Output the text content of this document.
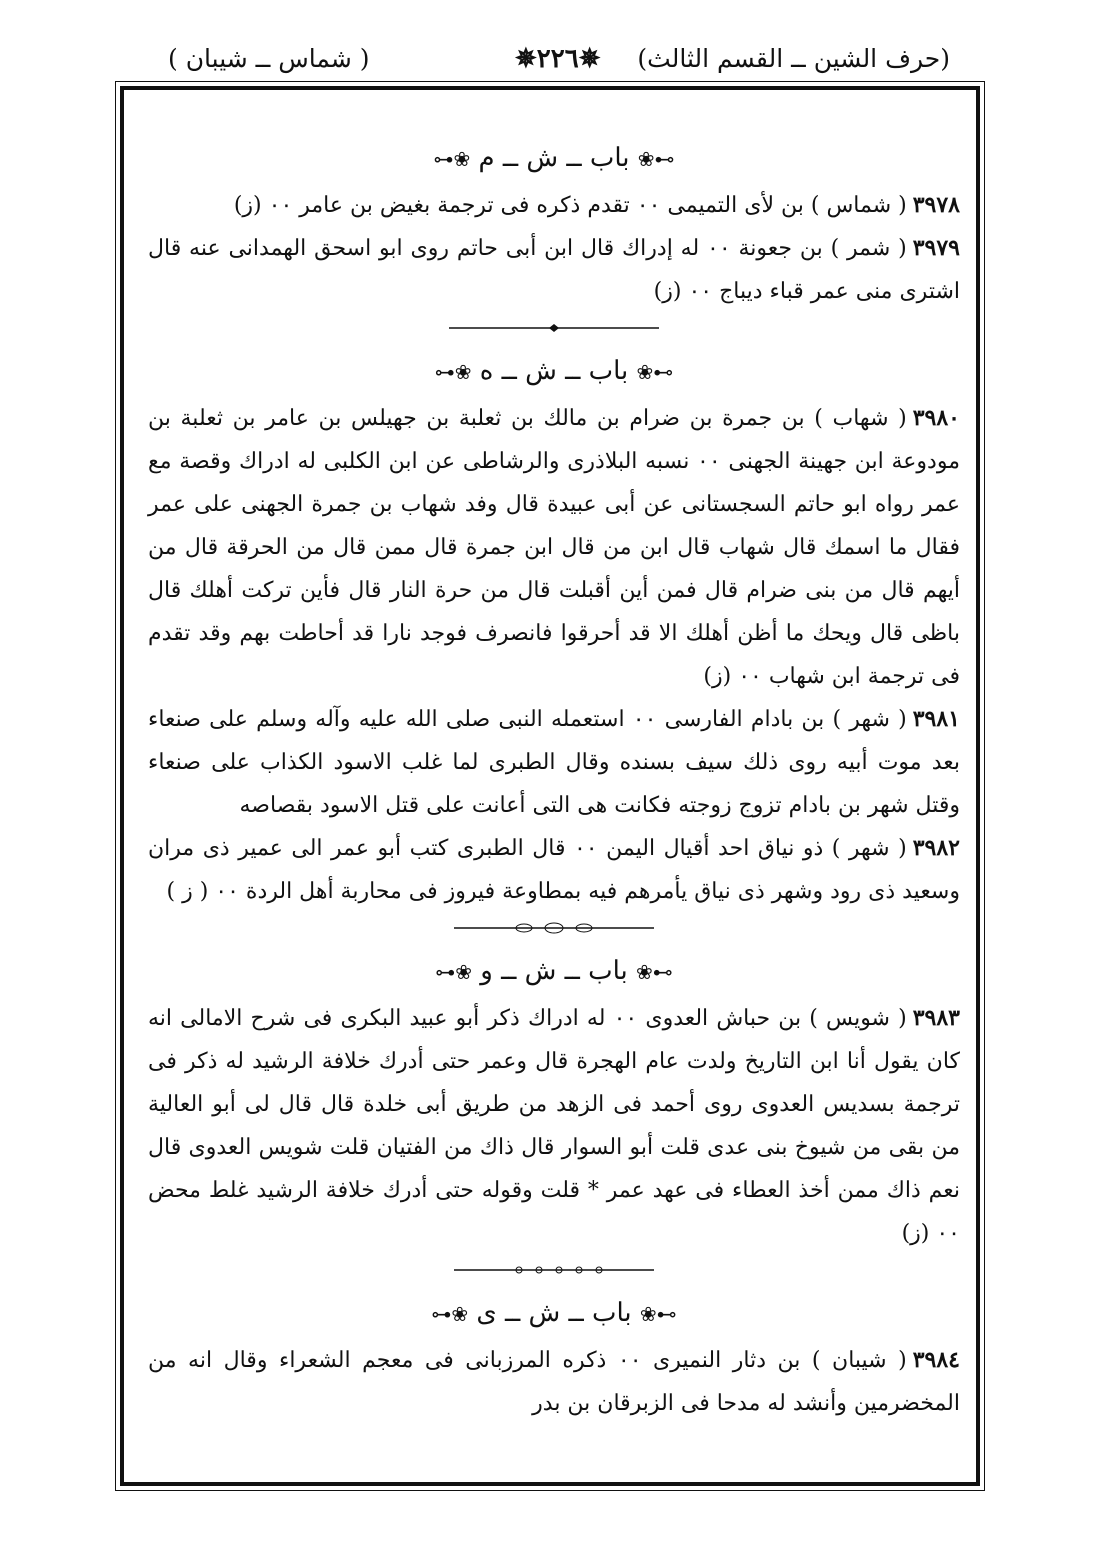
(حرف الشين ــ القسم الثالث)
✵٢٢٦✵
( شماس ــ شيبان )
⊶❀ باب ــ ش ــ م ❀⊷

٣٩٧٨( شماس ) بن لأى التميمى ٠٠ تقدم ذكره فى ترجمة بغيض بن عامر ٠٠ (ز)

٣٩٧٩( شمر ) بن جعونة ٠٠ له إدراك قال ابن أبى حاتم روى ابو اسحق الهمدانى عنه قال اشترى منى عمر قباء ديباج ٠٠ (ز)

⊶❀ باب ــ ش ــ ه ❀⊷

٣٩٨٠( شهاب ) بن جمرة بن ضرام بن مالك بن ثعلبة بن جهيلس بن عامر بن ثعلبة بن مودوعة ابن جهينة الجهنى ٠٠ نسبه البلاذرى والرشاطى عن ابن الكلبى له ادراك وقصة مع عمر رواه ابو حاتم السجستانى عن أبى عبيدة قال وفد شهاب بن جمرة الجهنى على عمر فقال ما اسمك قال شهاب قال ابن من قال ابن جمرة قال ممن قال من الحرقة قال من أيهم قال من بنى ضرام قال فمن أين أقبلت قال من حرة النار قال فأين تركت أهلك قال باظى قال ويحك ما أظن أهلك الا قد أحرقوا فانصرف فوجد نارا قد أحاطت بهم وقد تقدم فى ترجمة ابن شهاب ٠٠ (ز)

٣٩٨١( شهر ) بن بادام الفارسى ٠٠ استعمله النبى صلى الله عليه وآله وسلم على صنعاء بعد موت أبيه روى ذلك سيف بسنده وقال الطبرى لما غلب الاسود الكذاب على صنعاء وقتل شهر بن بادام تزوج زوجته فكانت هى التى أعانت على قتل الاسود بقصاصه

٣٩٨٢( شهر ) ذو نياق احد أقيال اليمن ٠٠ قال الطبرى كتب أبو عمر الى عمير ذى مران وسعيد ذى رود وشهر ذى نياق يأمرهم فيه بمطاوعة فيروز فى محاربة أهل الردة ٠٠ ( ز )

⊶❀ باب ــ ش ــ و ❀⊷

٣٩٨٣( شويس ) بن حباش العدوى ٠٠ له ادراك ذكر أبو عبيد البكرى فى شرح الامالى انه كان يقول أنا ابن التاريخ ولدت عام الهجرة قال وعمر حتى أدرك خلافة الرشيد له ذكر فى ترجمة بسديس العدوى روى أحمد فى الزهد من طريق أبى خلدة قال قال لى أبو العالية من بقى من شيوخ بنى عدى قلت أبو السوار قال ذاك من الفتيان قلت شويس العدوى قال نعم ذاك ممن أخذ العطاء فى عهد عمر * قلت وقوله حتى أدرك خلافة الرشيد غلط محض ٠٠ (ز)

⊶❀ باب ــ ش ــ ى ❀⊷

٣٩٨٤( شيبان ) بن دثار النميرى ٠٠ ذكره المرزبانى فى معجم الشعراء وقال انه من المخضرمين وأنشد له مدحا فى الزبرقان بن بدر
